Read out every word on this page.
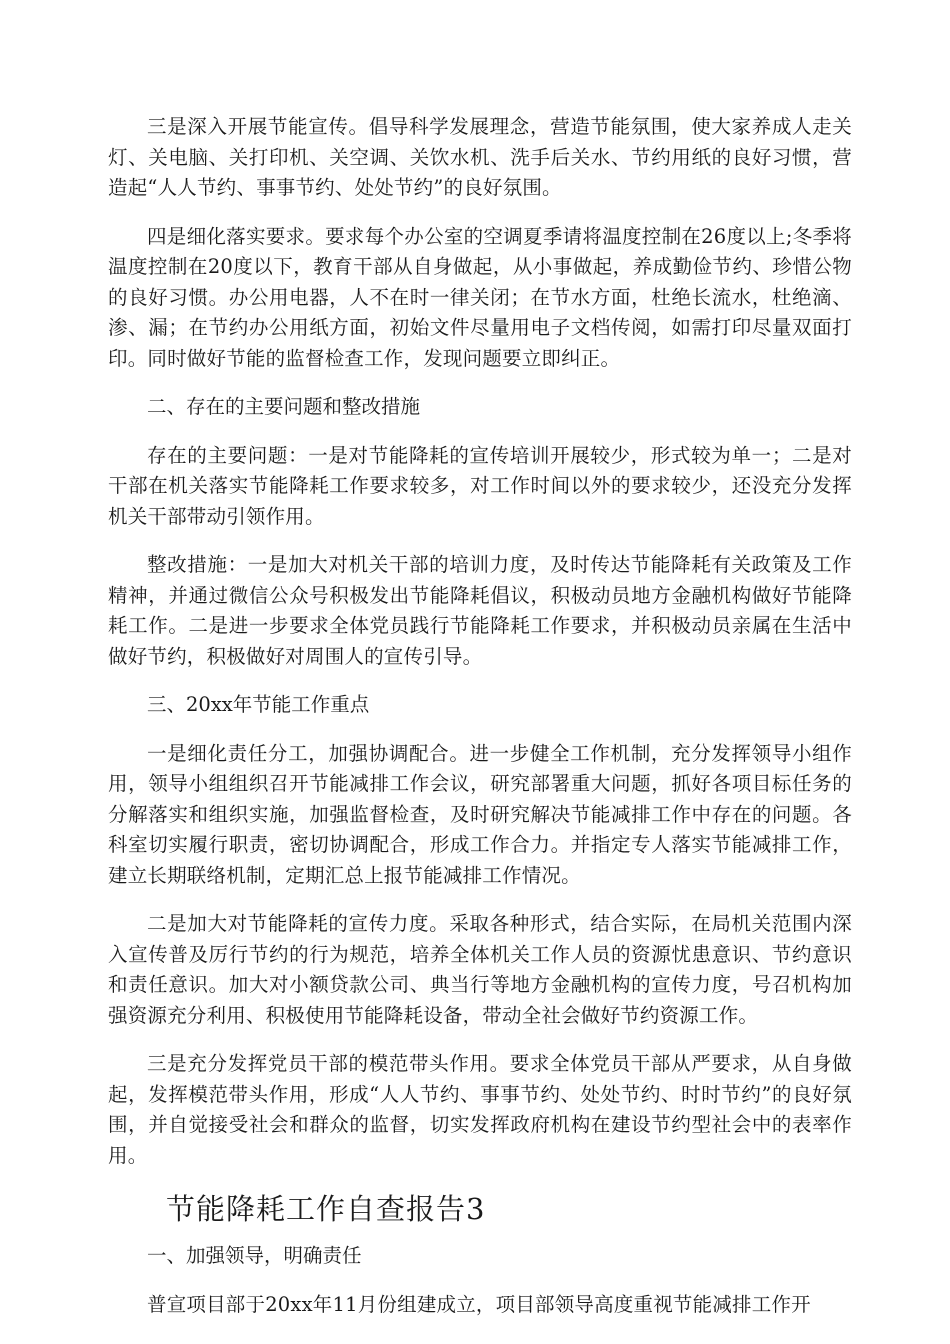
三是深入开展节能宣传。倡导科学发展理念，营造节能氛围，使大家养成人走关灯、关电脑、关打印机、关空调、关饮水机、洗手后关水、节约用纸的良好习惯，营造起“人人节约、事事节约、处处节约”的良好氛围。

四是细化落实要求。要求每个办公室的空调夏季请将温度控制在26度以上;冬季将温度控制在20度以下，教育干部从自身做起，从小事做起，养成勤俭节约、珍惜公物的良好习惯。办公用电器，人不在时一律关闭；在节水方面，杜绝长流水，杜绝滴、渗、漏；在节约办公用纸方面，初始文件尽量用电子文档传阅，如需打印尽量双面打印。同时做好节能的监督检查工作，发现问题要立即纠正。

二、存在的主要问题和整改措施

存在的主要问题：一是对节能降耗的宣传培训开展较少，形式较为单一；二是对干部在机关落实节能降耗工作要求较多，对工作时间以外的要求较少，还没充分发挥机关干部带动引领作用。

整改措施：一是加大对机关干部的培训力度，及时传达节能降耗有关政策及工作精神，并通过微信公众号积极发出节能降耗倡议，积极动员地方金融机构做好节能降耗工作。二是进一步要求全体党员践行节能降耗工作要求，并积极动员亲属在生活中做好节约，积极做好对周围人的宣传引导。

三、20xx年节能工作重点

一是细化责任分工，加强协调配合。进一步健全工作机制，充分发挥领导小组作用，领导小组组织召开节能减排工作会议，研究部署重大问题，抓好各项目标任务的分解落实和组织实施，加强监督检查，及时研究解决节能减排工作中存在的问题。各科室切实履行职责，密切协调配合，形成工作合力。并指定专人落实节能减排工作，建立长期联络机制，定期汇总上报节能减排工作情况。

二是加大对节能降耗的宣传力度。采取各种形式，结合实际，在局机关范围内深入宣传普及厉行节约的行为规范，培养全体机关工作人员的资源忧患意识、节约意识和责任意识。加大对小额贷款公司、典当行等地方金融机构的宣传力度，号召机构加强资源充分利用、积极使用节能降耗设备，带动全社会做好节约资源工作。

三是充分发挥党员干部的模范带头作用。要求全体党员干部从严要求，从自身做起，发挥模范带头作用，形成“人人节约、事事节约、处处节约、时时节约”的良好氛围，并自觉接受社会和群众的监督，切实发挥政府机构在建设节约型社会中的表率作用。

节能降耗工作自查报告3

一、加强领导，明确责任

普宣项目部于20xx年11月份组建成立，项目部领导高度重视节能减排工作开
